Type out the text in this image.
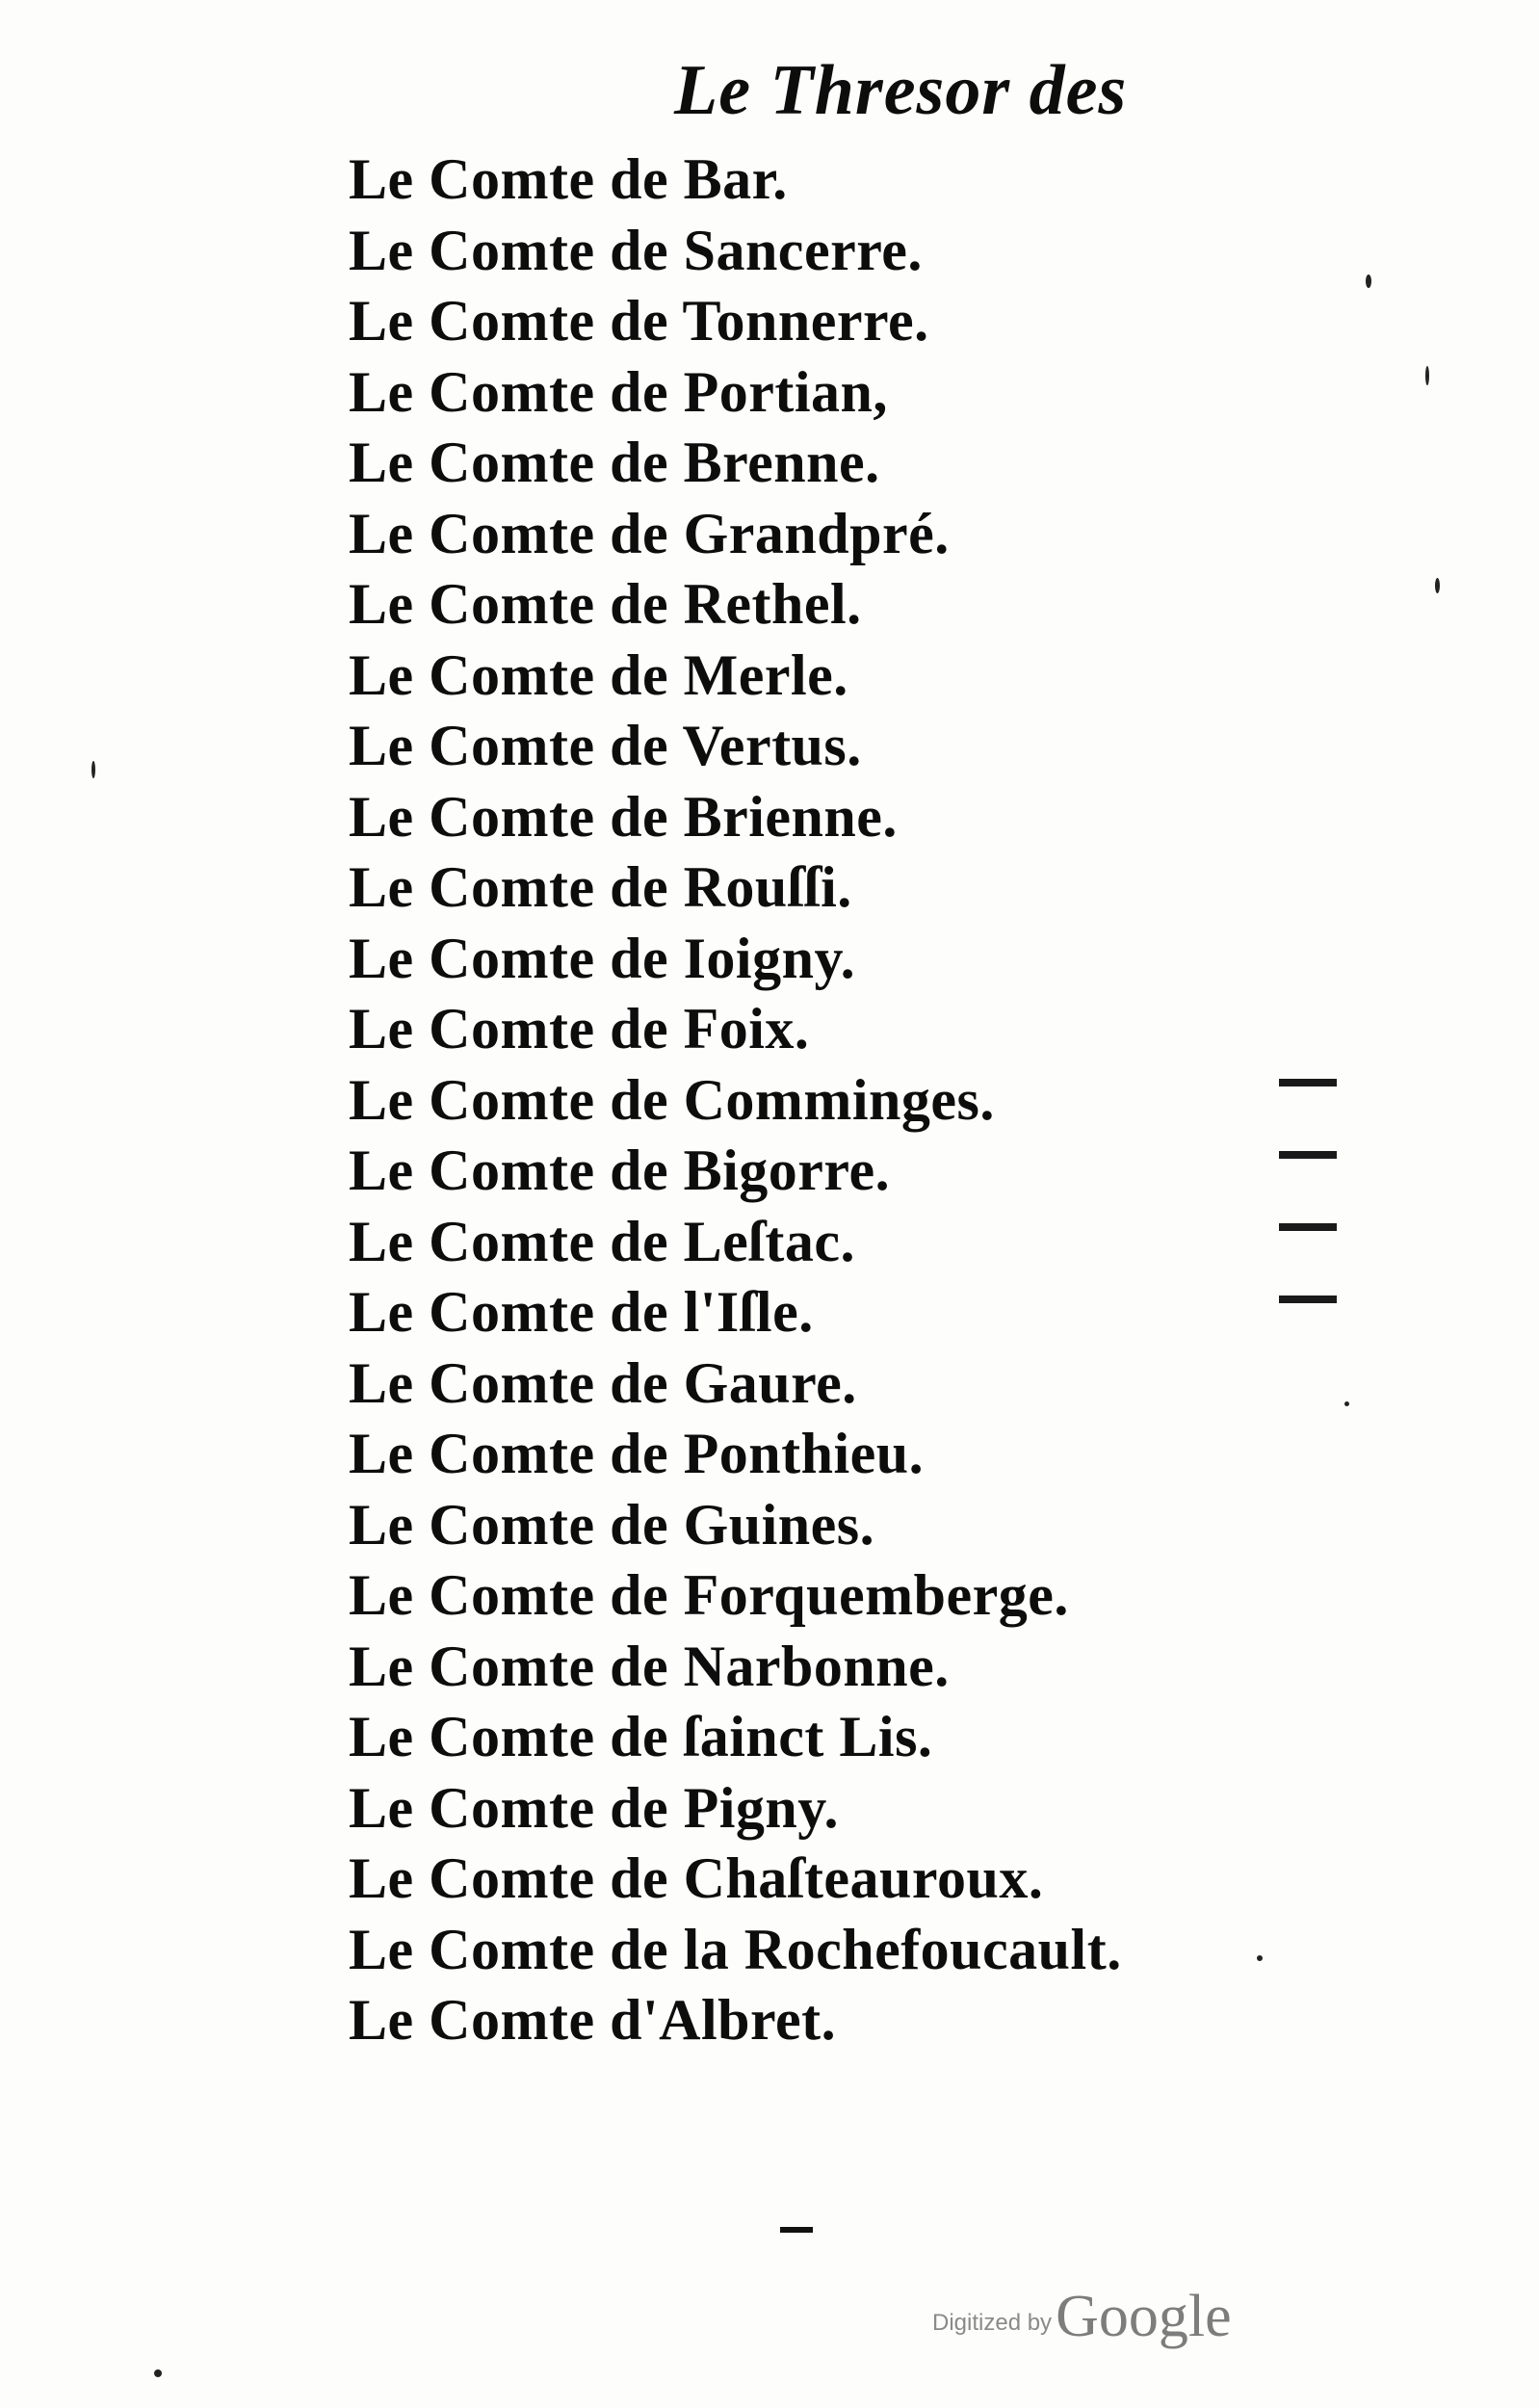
Le Thresor des
Le Comte de Bar.
Le Comte de Sancerre.
Le Comte de Tonnerre.
Le Comte de Portian,
Le Comte de Brenne.
Le Comte de Grandpré.
Le Comte de Rethel.
Le Comte de Merle.
Le Comte de Vertus.
Le Comte de Brienne.
Le Comte de Rouſſi.
Le Comte de Ioigny.
Le Comte de Foix.
Le Comte de Comminges.
Le Comte de Bigorre.
Le Comte de Leſtac.
Le Comte de l'Iſle.
Le Comte de Gaure.
Le Comte de Ponthieu.
Le Comte de Guines.
Le Comte de Forquemberge.
Le Comte de Narbonne.
Le Comte de ſainct Lis.
Le Comte de Pigny.
Le Comte de Chaſteauroux.
Le Comte de la Rochefoucault.
Le Comte d'Albret.
Digitized by Google
